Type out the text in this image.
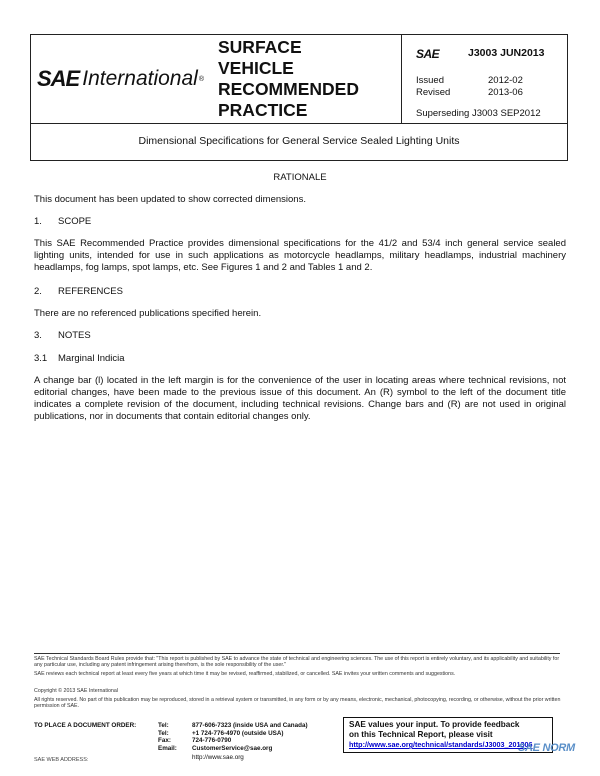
SAE International ®
SURFACE
VEHICLE
RECOMMENDED
PRACTICE
SAE	J3003 JUN2013
Issued	2012-02
Revised	2013-06
Superseding J3003 SEP2012
Dimensional Specifications for General Service Sealed Lighting Units
RATIONALE
This document has been updated to show corrected dimensions.
1. SCOPE
This SAE Recommended Practice provides dimensional specifications for the 41/2 and 53/4 inch general service sealed lighting units, intended for use in such applications as motorcycle headlamps, military headlamps, industrial machinery headlamps, fog lamps, spot lamps, etc. See Figures 1 and 2 and Tables 1 and 2.
2. REFERENCES
There are no referenced publications specified herein.
3. NOTES
3.1 Marginal Indicia
A change bar (l) located in the left margin is for the convenience of the user in locating areas where technical revisions, not editorial changes, have been made to the previous issue of this document. An (R) symbol to the left of the document title indicates a complete revision of the document, including technical revisions. Change bars and (R) are not used in original publications, nor in documents that contain editorial changes only.
SAE Technical Standards Board Rules provide that: "This report is published by SAE to advance the state of technical and engineering sciences. The use of this report is entirely voluntary, and its applicability and suitability for any particular use, including any patent infringement arising therefrom, is the sole responsibility of the user."
SAE reviews each technical report at least every five years at which time it may be revised, reaffirmed, stabilized, or cancelled. SAE invites your written comments and suggestions.
Copyright © 2013 SAE International
All rights reserved. No part of this publication may be reproduced, stored in a retrieval system or transmitted, in any form or by any means, electronic, mechanical, photocopying, recording, or otherwise, without the prior written permission of SAE.
TO PLACE A DOCUMENT ORDER:	Tel:	877-606-7323 (inside USA and Canada)
Tel:	+1 724-776-4970 (outside USA)
Fax:	724-776-0790
Email: CustomerService@sae.org
http://www.sae.org
SAE WEB ADDRESS:
SAE values your input. To provide feedback
on this Technical Report, please visit
http://www.sae.org/technical/standards/J3003_201306
SAE NORM
